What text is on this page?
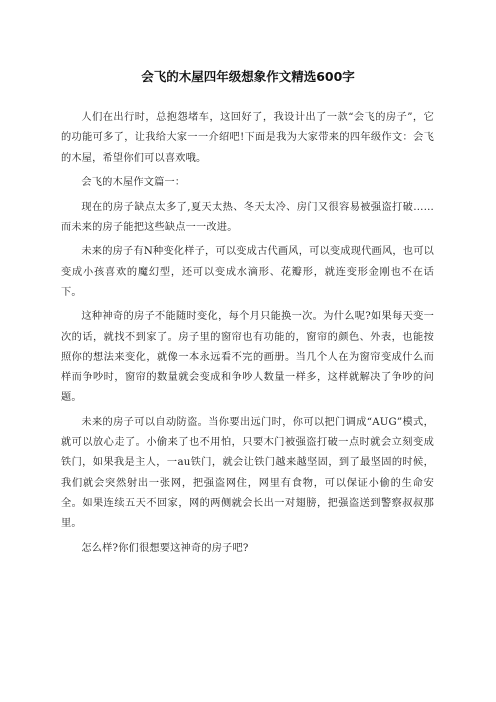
会飞的木屋四年级想象作文精选600字

人们在出行时，总抱怨堵车，这回好了，我设计出了一款“会飞的房子”，它的功能可多了，让我给大家一一介绍吧!下面是我为大家带来的四年级作文：会飞的木屋，希望你们可以喜欢哦。

会飞的木屋作文篇一：

现在的房子缺点太多了,夏天太热、冬天太冷、房门又很容易被强盗打破……而未来的房子能把这些缺点一一改进。

未来的房子有N种变化样子，可以变成古代画风，可以变成现代画风，也可以变成小孩喜欢的魔幻型，还可以变成水滴形、花瓣形，就连变形金刚也不在话下。

这种神奇的房子不能随时变化，每个月只能换一次。为什么呢?如果每天变一次的话，就找不到家了。房子里的窗帘也有功能的，窗帘的颜色、外表，也能按照你的想法来变化，就像一本永远看不完的画册。当几个人在为窗帘变成什么而样而争吵时，窗帘的数量就会变成和争吵人数量一样多，这样就解决了争吵的问题。

未来的房子可以自动防盗。当你要出远门时，你可以把门调成“AUG”模式，就可以放心走了。小偷来了也不用怕，只要木门被强盗打破一点时就会立刻变成铁门，如果我是主人，一au铁门，就会让铁门越来越坚固，到了最坚固的时候，我们就会突然射出一张网，把强盗网住，网里有食物，可以保证小偷的生命安全。如果连续五天不回家，网的两侧就会长出一对翅膀，把强盗送到警察叔叔那里。

怎么样?你们很想要这神奇的房子吧?
